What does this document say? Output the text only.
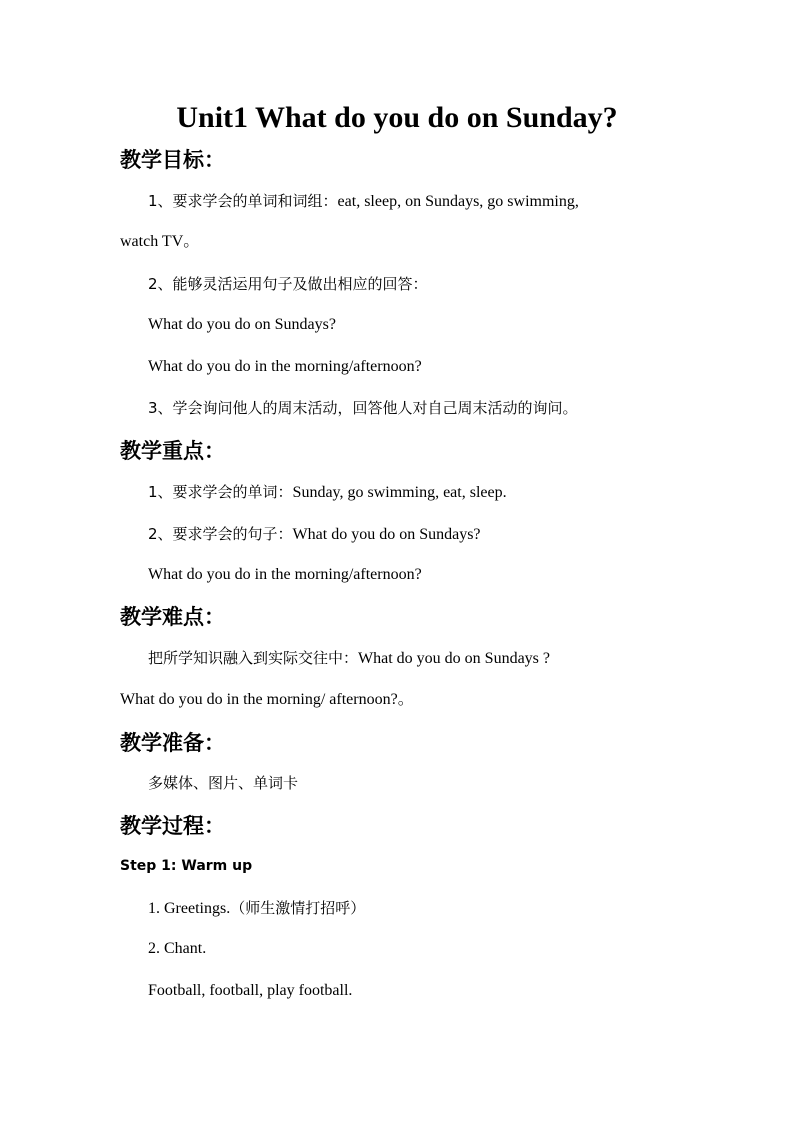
Unit1 What do you do on Sunday?
教学目标：
1、要求学会的单词和词组：eat, sleep, on Sundays, go swimming,
watch TV。
2、能够灵活运用句子及做出相应的回答：
What do you do on Sundays?
What do you do in the morning/afternoon?
3、学会询问他人的周末活动，回答他人对自己周末活动的询问。
教学重点：
1、要求学会的单词：Sunday, go swimming, eat, sleep.
2、要求学会的句子：What do you do on Sundays?
What do you do in the morning/afternoon?
教学难点：
把所学知识融入到实际交往中：What do you do on Sundays ?
What do you do in the morning/ afternoon?。
教学准备：
多媒体、图片、单词卡
教学过程：
Step 1: Warm up
1. Greetings.（师生激情打招呼）
2. Chant.
Football, football, play football.
